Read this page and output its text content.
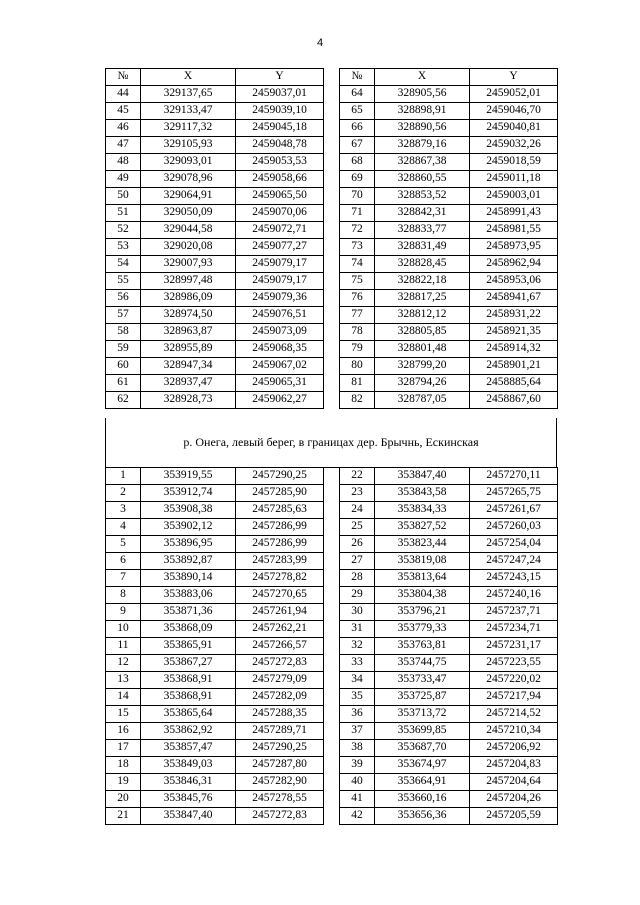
4
№	X	Y		№	X	Y
44	329137,65	2459037,01		64	328905,56	2459052,01
45	329133,47	2459039,10		65	328898,91	2459046,70
46	329117,32	2459045,18		66	328890,56	2459040,81
47	329105,93	2459048,78		67	328879,16	2459032,26
48	329093,01	2459053,53		68	328867,38	2459018,59
49	329078,96	2459058,66		69	328860,55	2459011,18
50	329064,91	2459065,50		70	328853,52	2459003,01
51	329050,09	2459070,06		71	328842,31	2458991,43
52	329044,58	2459072,71		72	328833,77	2458981,55
53	329020,08	2459077,27		73	328831,49	2458973,95
54	329007,93	2459079,17		74	328828,45	2458962,94
55	328997,48	2459079,17		75	328822,18	2458953,06
56	328986,09	2459079,36		76	328817,25	2458941,67
57	328974,50	2459076,51		77	328812,12	2458931,22
58	328963,87	2459073,09		78	328805,85	2458921,35
59	328955,89	2459068,35		79	328801,48	2458914,32
60	328947,34	2459067,02		80	328799,20	2458901,21
61	328937,47	2459065,31		81	328794,26	2458885,64
62	328928,73	2459062,27		82	328787,05	2458867,60
р. Онега, левый берег, в границах дер. Брычнь, Ескинская
1	353919,55	2457290,25		22	353847,40	2457270,11
2	353912,74	2457285,90		23	353843,58	2457265,75
3	353908,38	2457285,63		24	353834,33	2457261,67
4	353902,12	2457286,99		25	353827,52	2457260,03
5	353896,95	2457286,99		26	353823,44	2457254,04
6	353892,87	2457283,99		27	353819,08	2457247,24
7	353890,14	2457278,82		28	353813,64	2457243,15
8	353883,06	2457270,65		29	353804,38	2457240,16
9	353871,36	2457261,94		30	353796,21	2457237,71
10	353868,09	2457262,21		31	353779,33	2457234,71
11	353865,91	2457266,57		32	353763,81	2457231,17
12	353867,27	2457272,83		33	353744,75	2457223,55
13	353868,91	2457279,09		34	353733,47	2457220,02
14	353868,91	2457282,09		35	353725,87	2457217,94
15	353865,64	2457288,35		36	353713,72	2457214,52
16	353862,92	2457289,71		37	353699,85	2457210,34
17	353857,47	2457290,25		38	353687,70	2457206,92
18	353849,03	2457287,80		39	353674,97	2457204,83
19	353846,31	2457282,90		40	353664,91	2457204,64
20	353845,76	2457278,55		41	353660,16	2457204,26
21	353847,40	2457272,83		42	353656,36	2457205,59
